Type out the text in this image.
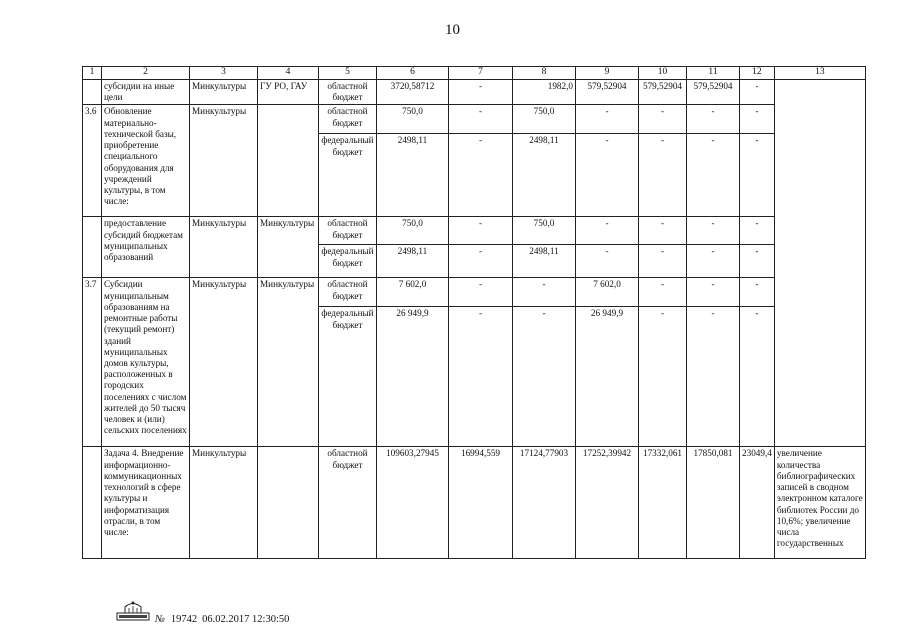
10
1	2	3	4	5	6	7	8	9	10	11	12	13
	субсидии на иные цели	Минкультуры	ГУ РО, ГАУ	областной бюджет	3720,58712	-	1982,0	579,52904	579,52904	579,52904	-	
3.6	Обновление материально-технической базы, приобретение специального оборудования для учреждений культуры, в том числе:	Минкультуры		областной бюджет	750,0	-	750,0	-	-	-	-	
				федеральный бюджет	2498,11	-	2498,11	-	-	-	-	
	предоставление субсидий бюджетам муниципальных образований	Минкультуры	Минкультуры	областной бюджет	750,0	-	750,0	-	-	-	-	
				федеральный бюджет	2498,11	-	2498,11	-	-	-	-	
3.7	Субсидии муниципальным образованиям на ремонтные работы (текущий ремонт) зданий муниципальных домов культуры, расположенных в городских поселениях с числом жителей до 50 тысяч человек и (или) сельских поселениях	Минкультуры	Минкультуры	областной бюджет	7 602,0	-	-	7 602,0	-	-	-	
				федеральный бюджет	26 949,9	-	-	26 949,9	-	-	-	

	Задача 4. Внедрение информационно-коммуникационных технологий в сфере культуры и информатизация отрасли, в том числе:	Минкультуры		областной бюджет	109603,27945	16994,559	17124,77903	17252,39942	17332,061	17850,081	23049,4	увеличение количества библиографических записей в сводном электронном каталоге библиотек России до 10,6%; увеличение числа государственных
№ 19742 06.02.2017 12:30:50
